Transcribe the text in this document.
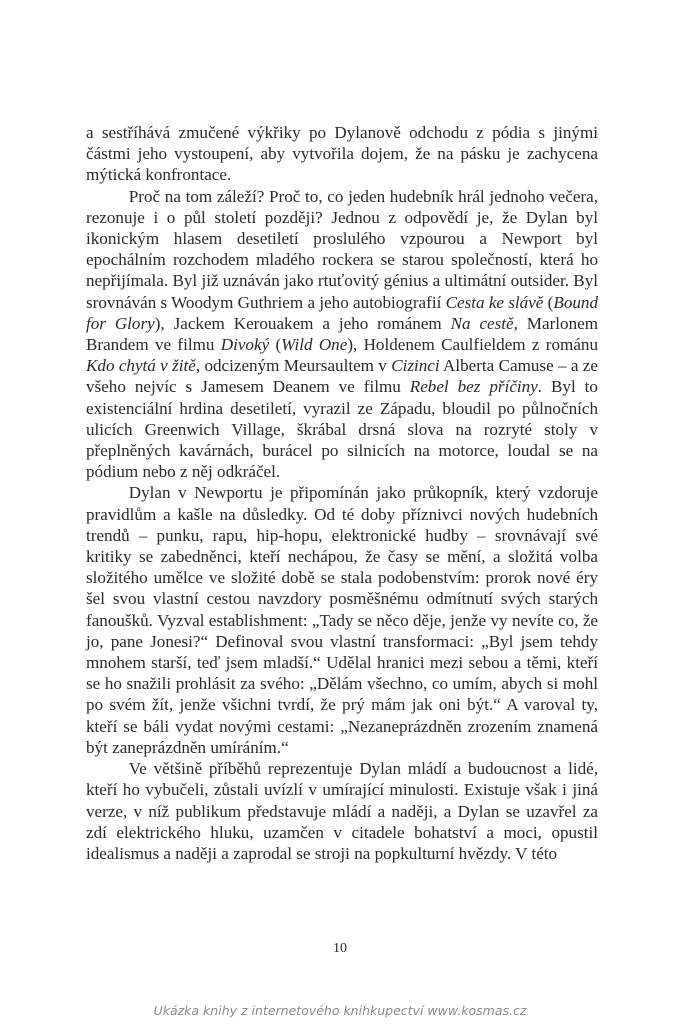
a sestříhává zmučené výkřiky po Dylanově odchodu z pódia s jinými částmi jeho vystoupení, aby vytvořila dojem, že na pásku je zachycena mýtická konfrontace.

Proč na tom záleží? Proč to, co jeden hudebník hrál jednoho večera, rezonuje i o půl století později? Jednou z odpovědí je, že Dylan byl ikonickým hlasem desetiletí proslulého vzpourou a Newport byl epochálním rozchodem mladého rockera se starou společností, která ho nepřijímala. Byl již uznáván jako rtuťovitý génius a ultimátní outsider. Byl srovnáván s Woodym Guthriem a jeho autobiografií Cesta ke slávě (Bound for Glory), Jackem Kerouakem a jeho románem Na cestě, Marlonem Brandem ve filmu Divoký (Wild One), Holdenem Caulfieldem z románu Kdo chytá v žitě, odcizeným Meursaultem v Cizinci Alberta Camuse – a ze všeho nejvíc s Jamesem Deanem ve filmu Rebel bez příčiny. Byl to existenciální hrdina desetiletí, vyrazil ze Západu, bloudil po půlnočních ulicích Greenwich Village, škrábal drsná slova na rozryté stoly v přeplněných kavárnách, burácel po silnicích na motorce, loudal se na pódium nebo z něj odkráčel.

Dylan v Newportu je připomínán jako průkopník, který vzdoruje pravidlům a kašle na důsledky. Od té doby příznivci nových hudebních trendů – punku, rapu, hip-hopu, elektronické hudby – srovnávají své kritiky se zabedněnci, kteří nechápou, že časy se mění, a složitá volba složitého umělce ve složité době se stala podobenstvím: prorok nové éry šel svou vlastní cestou navzdory posměšnému odmítnutí svých starých fanoušků. Vyzval establishment: „Tady se něco děje, jenže vy nevíte co, že jo, pane Jonesi?“ Definoval svou vlastní transformaci: „Byl jsem tehdy mnohem starší, teď jsem mladší.“ Udělal hranici mezi sebou a těmi, kteří se ho snažili prohlásit za svého: „Dělám všechno, co umím, abych si mohl po svém žít, jenže všichni tvrdí, že prý mám jak oni být.“ A varoval ty, kteří se báli vydat novými cestami: „Nezaneprázdněn zrozením znamená být zaneprázdněn umíráním.“

Ve většině příběhů reprezentuje Dylan mládí a budoucnost a lidé, kteří ho vybučeli, zůstali uvízlí v umírající minulosti. Existuje však i jiná verze, v níž publikum představuje mládí a naději, a Dylan se uzavřel za zdí elektrického hluku, uzamčen v citadele bohatství a moci, opustil idealismus a naději a zaprodal se stroji na popkulturní hvězdy. V této

10
Ukázka knihy z internetového knihkupectví www.kosmas.cz
